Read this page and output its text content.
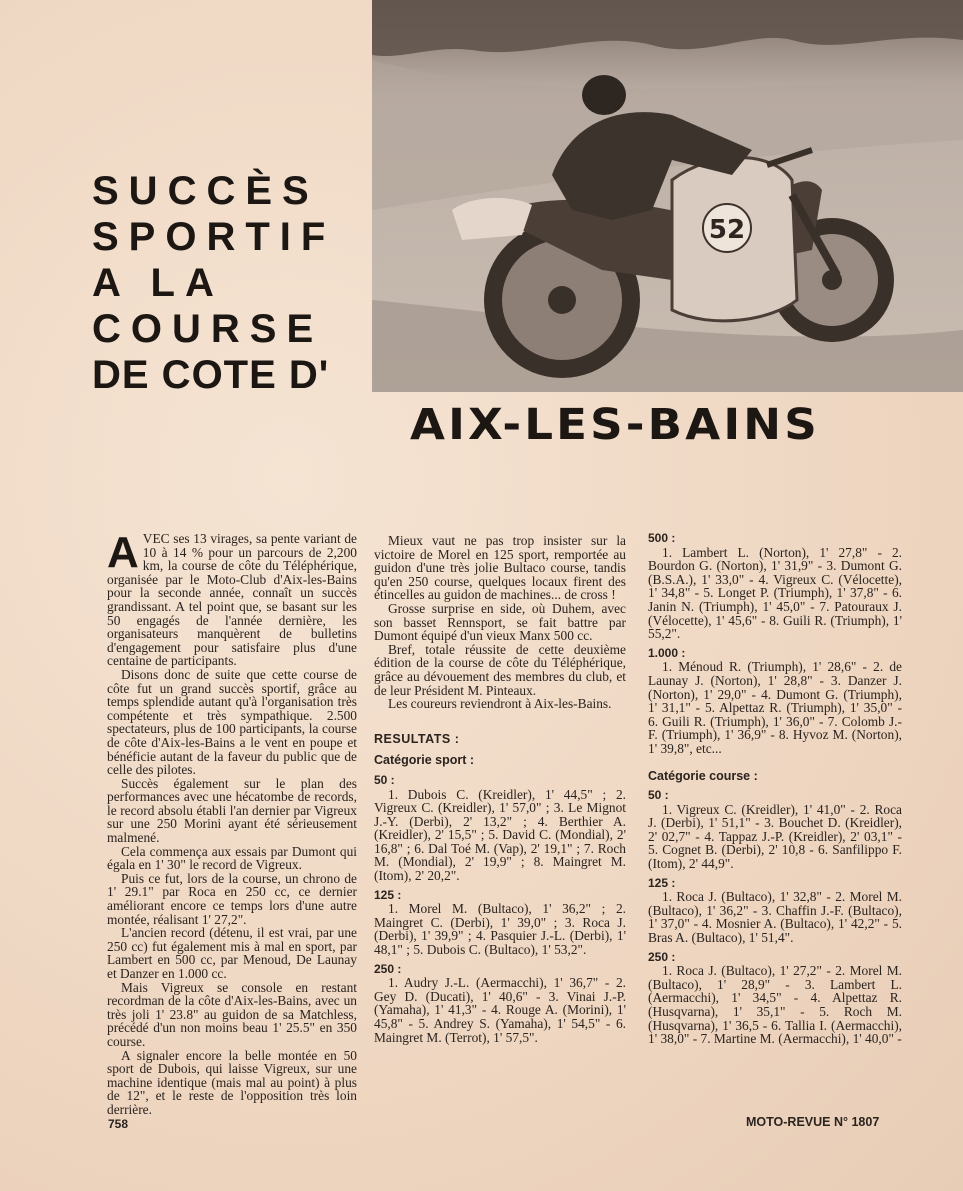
52
SUCCÈS
SPORTIF
A LA
COURSE
DE COTE D'
AIX-LES-BAINS

AVEC ses 13 virages, sa pente variant de 10 à 14 % pour un parcours de 2,200 km, la course de côte du Téléphérique, organisée par le Moto-Club d'Aix-les-Bains pour la seconde année, connaît un succès grandissant. A tel point que, se basant sur les 50 engagés de l'année dernière, les organisateurs manquèrent de bulletins d'engagement pour satisfaire plus d'une centaine de participants.

Disons donc de suite que cette course de côte fut un grand succès sportif, grâce au temps splendide autant qu'à l'organisation très compétente et très sympathique. 2.500 spectateurs, plus de 100 participants, la course de côte d'Aix-les-Bains a le vent en poupe et bénéficie autant de la faveur du public que de celle des pilotes.

Succès également sur le plan des performances avec une hécatombe de records, le record absolu établi l'an dernier par Vigreux sur une 250 Morini ayant été sérieusement malmené.

Cela commença aux essais par Dumont qui égala en 1' 30" le record de Vigreux.

Puis ce fut, lors de la course, un chrono de 1' 29.1" par Roca en 250 cc, ce dernier améliorant encore ce temps lors d'une autre montée, réalisant 1' 27,2".

L'ancien record (détenu, il est vrai, par une 250 cc) fut également mis à mal en sport, par Lambert en 500 cc, par Menoud, De Launay et Danzer en 1.000 cc.

Mais Vigreux se console en restant recordman de la côte d'Aix-les-Bains, avec un très joli 1' 23.8" au guidon de sa Matchless, précédé d'un non moins beau 1' 25.5" en 350 course.

A signaler encore la belle montée en 50 sport de Dubois, qui laisse Vigreux, sur une machine identique (mais mal au point) à plus de 12", et le reste de l'opposition très loin derrière.

Mieux vaut ne pas trop insister sur la victoire de Morel en 125 sport, remportée au guidon d'une très jolie Bultaco course, tandis qu'en 250 course, quelques locaux firent des étincelles au guidon de machines... de cross !

Grosse surprise en side, où Duhem, avec son basset Rennsport, se fait battre par Dumont équipé d'un vieux Manx 500 cc.

Bref, totale réussite de cette deuxième édition de la course de côte du Téléphérique, grâce au dévouement des membres du club, et de leur Président M. Pinteaux.

Les coureurs reviendront à Aix-les-Bains.

RESULTATS :
Catégorie sport :
50 :

1. Dubois C. (Kreidler), 1' 44,5" ; 2. Vigreux C. (Kreidler), 1' 57,0" ; 3. Le Mignot J.-Y. (Derbi), 2' 13,2" ; 4. Berthier A. (Kreidler), 2' 15,5" ; 5. David C. (Mondial), 2' 16,8" ; 6. Dal Toé M. (Vap), 2' 19,1" ; 7. Roch M. (Mondial), 2' 19,9" ; 8. Maingret M. (Itom), 2' 20,2".

125 :

1. Morel M. (Bultaco), 1' 36,2" ; 2. Maingret C. (Derbi), 1' 39,0" ; 3. Roca J. (Derbi), 1' 39,9" ; 4. Pasquier J.-L. (Derbi), 1' 48,1" ; 5. Dubois C. (Bultaco), 1' 53,2".

250 :

1. Audry J.-L. (Aermacchi), 1' 36,7" - 2. Gey D. (Ducati), 1' 40,6" - 3. Vinai J.-P. (Yamaha), 1' 41,3" - 4. Rouge A. (Morini), 1' 45,8" - 5. Andrey S. (Yamaha), 1' 54,5" - 6. Maingret M. (Terrot), 1' 57,5".

500 :

1. Lambert L. (Norton), 1' 27,8" - 2. Bourdon G. (Norton), 1' 31,9" - 3. Dumont G. (B.S.A.), 1' 33,0" - 4. Vigreux C. (Vélocette), 1' 34,8" - 5. Longet P. (Triumph), 1' 37,8" - 6. Janin N. (Triumph), 1' 45,0" - 7. Patouraux J. (Vélocette), 1' 45,6" - 8. Guili R. (Triumph), 1' 55,2".

1.000 :

1. Ménoud R. (Triumph), 1' 28,6" - 2. de Launay J. (Norton), 1' 28,8" - 3. Danzer J. (Norton), 1' 29,0" - 4. Dumont G. (Triumph), 1' 31,1" - 5. Alpettaz R. (Triumph), 1' 35,0" - 6. Guili R. (Triumph), 1' 36,0" - 7. Colomb J.-F. (Triumph), 1' 36,9" - 8. Hyvoz M. (Norton), 1' 39,8", etc...

Catégorie course :
50 :

1. Vigreux C. (Kreidler), 1' 41,0" - 2. Roca J. (Derbi), 1' 51,1" - 3. Bouchet D. (Kreidler), 2' 02,7" - 4. Tappaz J.-P. (Kreidler), 2' 03,1" - 5. Cognet B. (Derbi), 2' 10,8 - 6. Sanfilippo F. (Itom), 2' 44,9".

125 :

1. Roca J. (Bultaco), 1' 32,8" - 2. Morel M. (Bultaco), 1' 36,2" - 3. Chaffin J.-F. (Bultaco), 1' 37,0" - 4. Mosnier A. (Bultaco), 1' 42,2" - 5. Bras A. (Bultaco), 1' 51,4".

250 :

1. Roca J. (Bultaco), 1' 27,2" - 2. Morel M. (Bultaco), 1' 28,9" - 3. Lambert L. (Aermacchi), 1' 34,5" - 4. Alpettaz R. (Husqvarna), 1' 35,1" - 5. Roch M. (Husqvarna), 1' 36,5 - 6. Tallia I. (Aermacchi), 1' 38,0" - 7. Martine M. (Aermacchi), 1' 40,0" -

758	MOTO-REVUE N° 1807
